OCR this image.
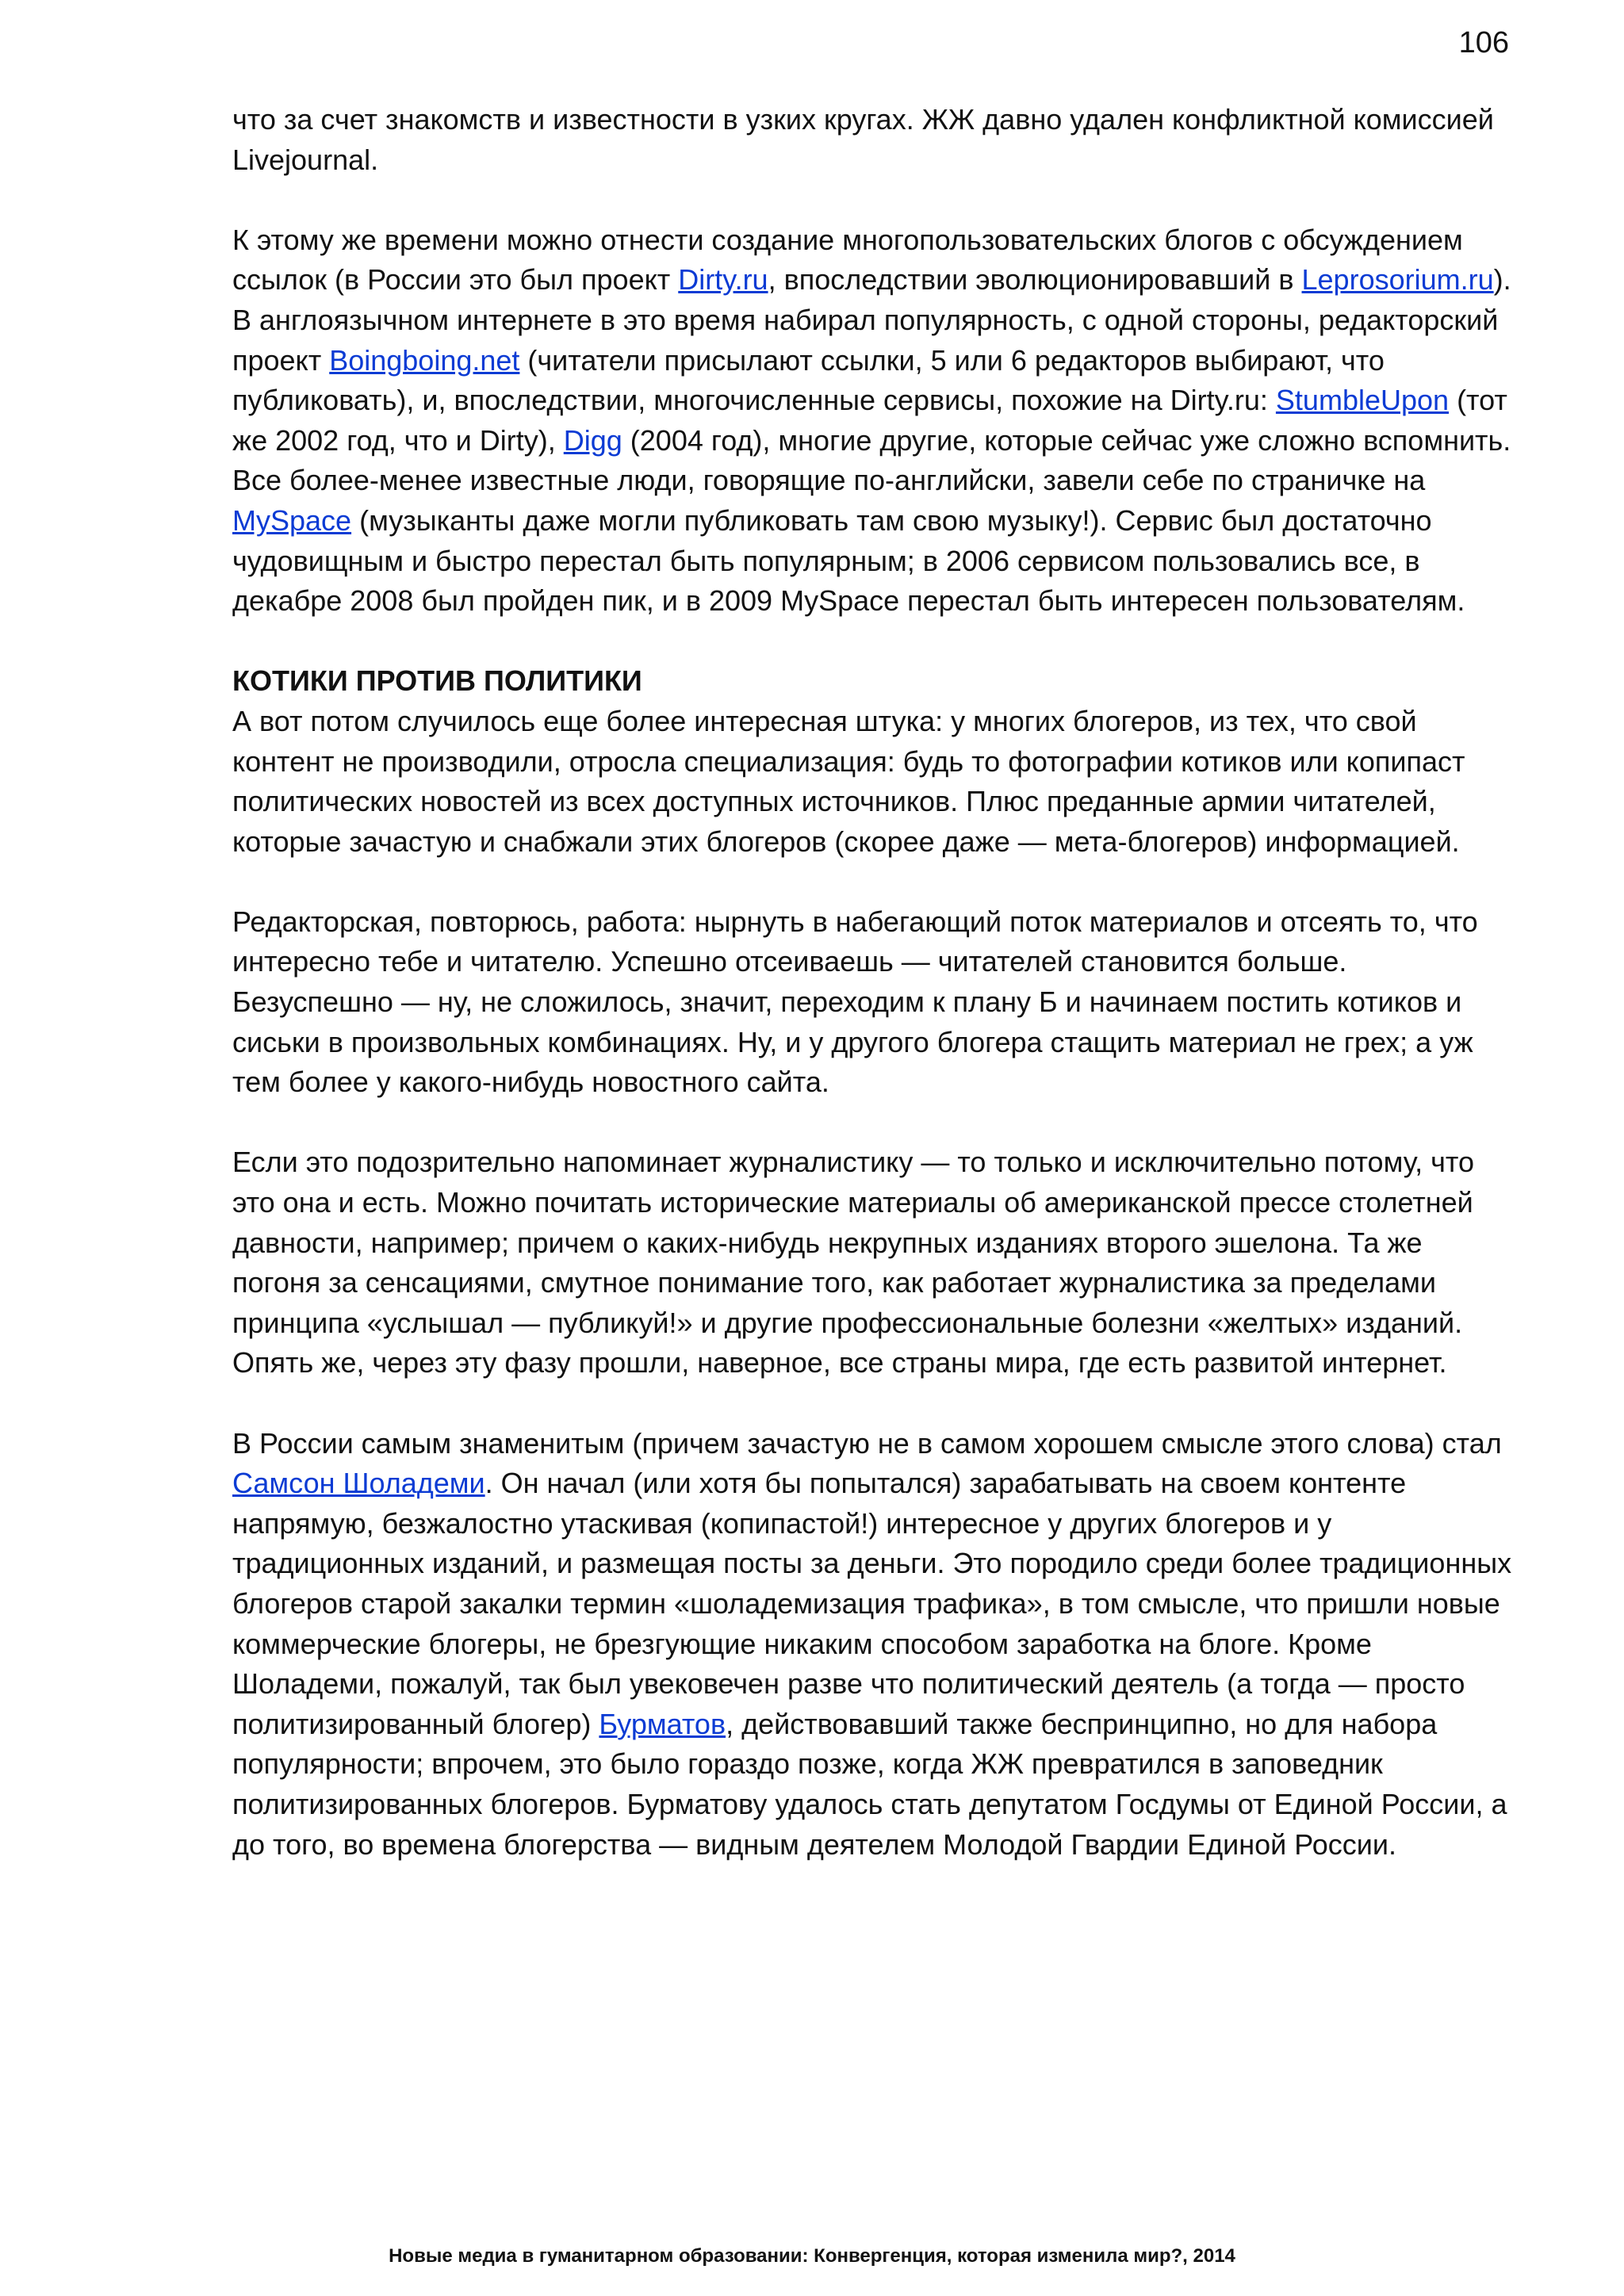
106

что за счет знакомств и известности в узких кругах. ЖЖ давно удален конфликтной комиссией Livejournal.

К этому же времени можно отнести создание многопользовательских блогов с обсуждением ссылок (в России это был проект Dirty.ru, впоследствии эволюционировавший в Leprosorium.ru). В англоязычном интернете в это время набирал популярность, с одной стороны, редакторский проект Boingboing.net (читатели присылают ссылки, 5 или 6 редакторов выбирают, что публиковать), и, впоследствии, многочисленные сервисы, похожие на Dirty.ru: StumbleUpon (тот же 2002 год, что и Dirty), Digg (2004 год), многие другие, которые сейчас уже сложно вспомнить. Все более-менее известные люди, говорящие по-английски, завели себе по страничке на MySpace (музыканты даже могли публиковать там свою музыку!). Сервис был достаточно чудовищным и быстро перестал быть популярным; в 2006 сервисом пользовались все, в декабре 2008 был пройден пик, и в 2009 MySpace перестал быть интересен пользователям.

КОТИКИ ПРОТИВ ПОЛИТИКИ

А вот потом случилось еще более интересная штука: у многих блогеров, из тех, что свой контент не производили, отросла специализация: будь то фотографии котиков или копипаст политических новостей из всех доступных источников. Плюс преданные армии читателей, которые зачастую и снабжали этих блогеров (скорее даже — мета-блогеров) информацией.

Редакторская, повторюсь, работа: нырнуть в набегающий поток материалов и отсеять то, что интересно тебе и читателю. Успешно отсеиваешь — читателей становится больше. Безуспешно — ну, не сложилось, значит, переходим к плану Б и начинаем постить котиков и сиськи в произвольных комбинациях. Ну, и у другого блогера стащить материал не грех; а уж тем более у какого-нибудь новостного сайта.

Если это подозрительно напоминает журналистику — то только и исключительно потому, что это она и есть. Можно почитать исторические материалы об американской прессе столетней давности, например; причем о каких-нибудь некрупных изданиях второго эшелона. Та же погоня за сенсациями, смутное понимание того, как работает журналистика за пределами принципа «услышал — публикуй!» и другие профессиональные болезни «желтых» изданий. Опять же, через эту фазу прошли, наверное, все страны мира, где есть развитой интернет.

В России самым знаменитым (причем зачастую не в самом хорошем смысле этого слова) стал Самсон Шоладеми. Он начал (или хотя бы попытался) зарабатывать на своем контенте напрямую, безжалостно утаскивая (копипастой!) интересное у других блогеров и у традиционных изданий, и размещая посты за деньги. Это породило среди более традиционных блогеров старой закалки термин «шоладемизация трафика», в том смысле, что пришли новые коммерческие блогеры, не брезгующие никаким способом заработка на блоге. Кроме Шоладеми, пожалуй, так был увековечен разве что политический деятель (а тогда — просто политизированный блогер) Бурматов, действовавший также беспринципно, но для набора популярности; впрочем, это было гораздо позже, когда ЖЖ превратился в заповедник политизированных блогеров. Бурматову удалось стать депутатом Госдумы от Единой России, а до того, во времена блогерства — видным деятелем Молодой Гвардии Единой России.

Новые медиа в гуманитарном образовании: Конвергенция, которая изменила мир?, 2014
